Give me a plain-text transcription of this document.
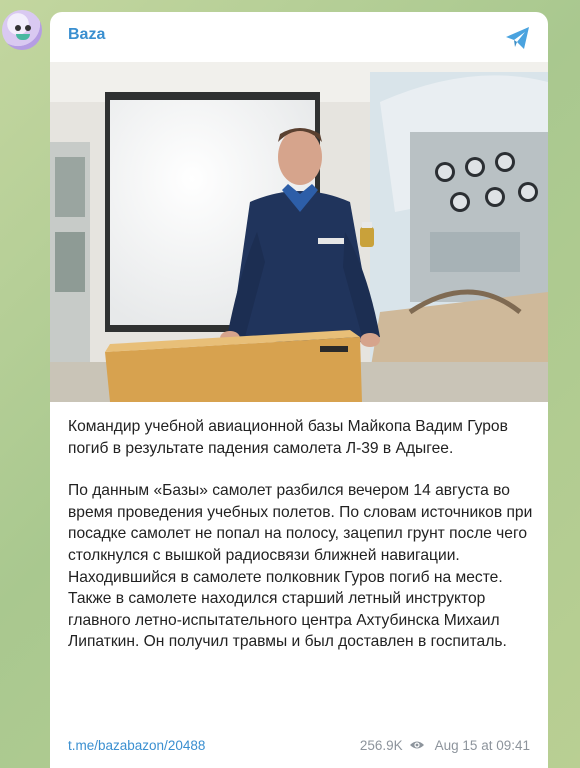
Baza

Командир учебной авиационной базы Майкопа Вадим Гуров погиб в результате падения самолета Л-39 в Адыгее.

По данным «Базы» самолет разбился вечером 14 августа во время проведения учебных полетов. По словам источников при посадке самолет не попал на полосу, зацепил грунт после чего столкнулся с вышкой радиосвязи ближней навигации. Находившийся в самолете полковник Гуров погиб на месте. Также в самолете находился старший летный инструктор главного летно-испытательного центра Ахтубинска Михаил Липаткин. Он получил травмы и был доставлен в госпиталь.

t.me/bazabazon/20488	256.9K Aug 15 at 09:41
